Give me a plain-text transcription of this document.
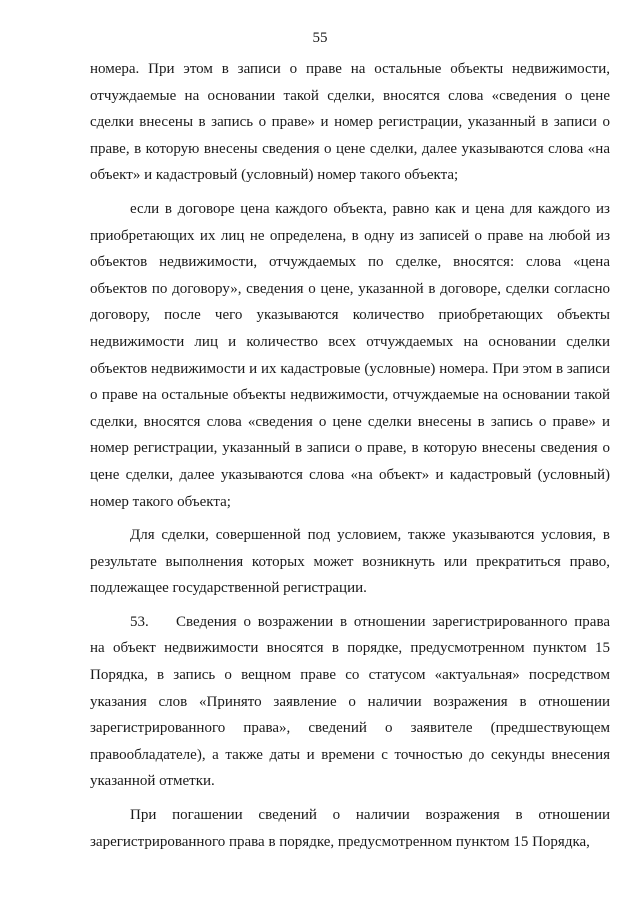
55

номера. При этом в записи о праве на остальные объекты недвижимости, отчуждаемые на основании такой сделки, вносятся слова «сведения о цене сделки внесены в запись о праве» и номер регистрации, указанный в записи о праве, в которую внесены сведения о цене сделки, далее указываются слова «на объект» и кадастровый (условный) номер такого объекта;

если в договоре цена каждого объекта, равно как и цена для каждого из приобретающих их лиц не определена, в одну из записей о праве на любой из объектов недвижимости, отчуждаемых по сделке, вносятся: слова «цена объектов по договору», сведения о цене, указанной в договоре, сделки согласно договору, после чего указываются количество приобретающих объекты недвижимости лиц и количество всех отчуждаемых на основании сделки объектов недвижимости и их кадастровые (условные) номера. При этом в записи о праве на остальные объекты недвижимости, отчуждаемые на основании такой сделки, вносятся слова «сведения о цене сделки внесены в запись о праве» и номер регистрации, указанный в записи о праве, в которую внесены сведения о цене сделки, далее указываются слова «на объект» и кадастровый (условный) номер такого объекта;

Для сделки, совершенной под условием, также указываются условия, в результате выполнения которых может возникнуть или прекратиться право, подлежащее государственной регистрации.

53. Сведения о возражении в отношении зарегистрированного права на объект недвижимости вносятся в порядке, предусмотренном пунктом 15 Порядка, в запись о вещном праве со статусом «актуальная» посредством указания слов «Принято заявление о наличии возражения в отношении зарегистрированного права», сведений о заявителе (предшествующем правообладателе), а также даты и времени с точностью до секунды внесения указанной отметки.

При погашении сведений о наличии возражения в отношении зарегистрированного права в порядке, предусмотренном пунктом 15 Порядка,
